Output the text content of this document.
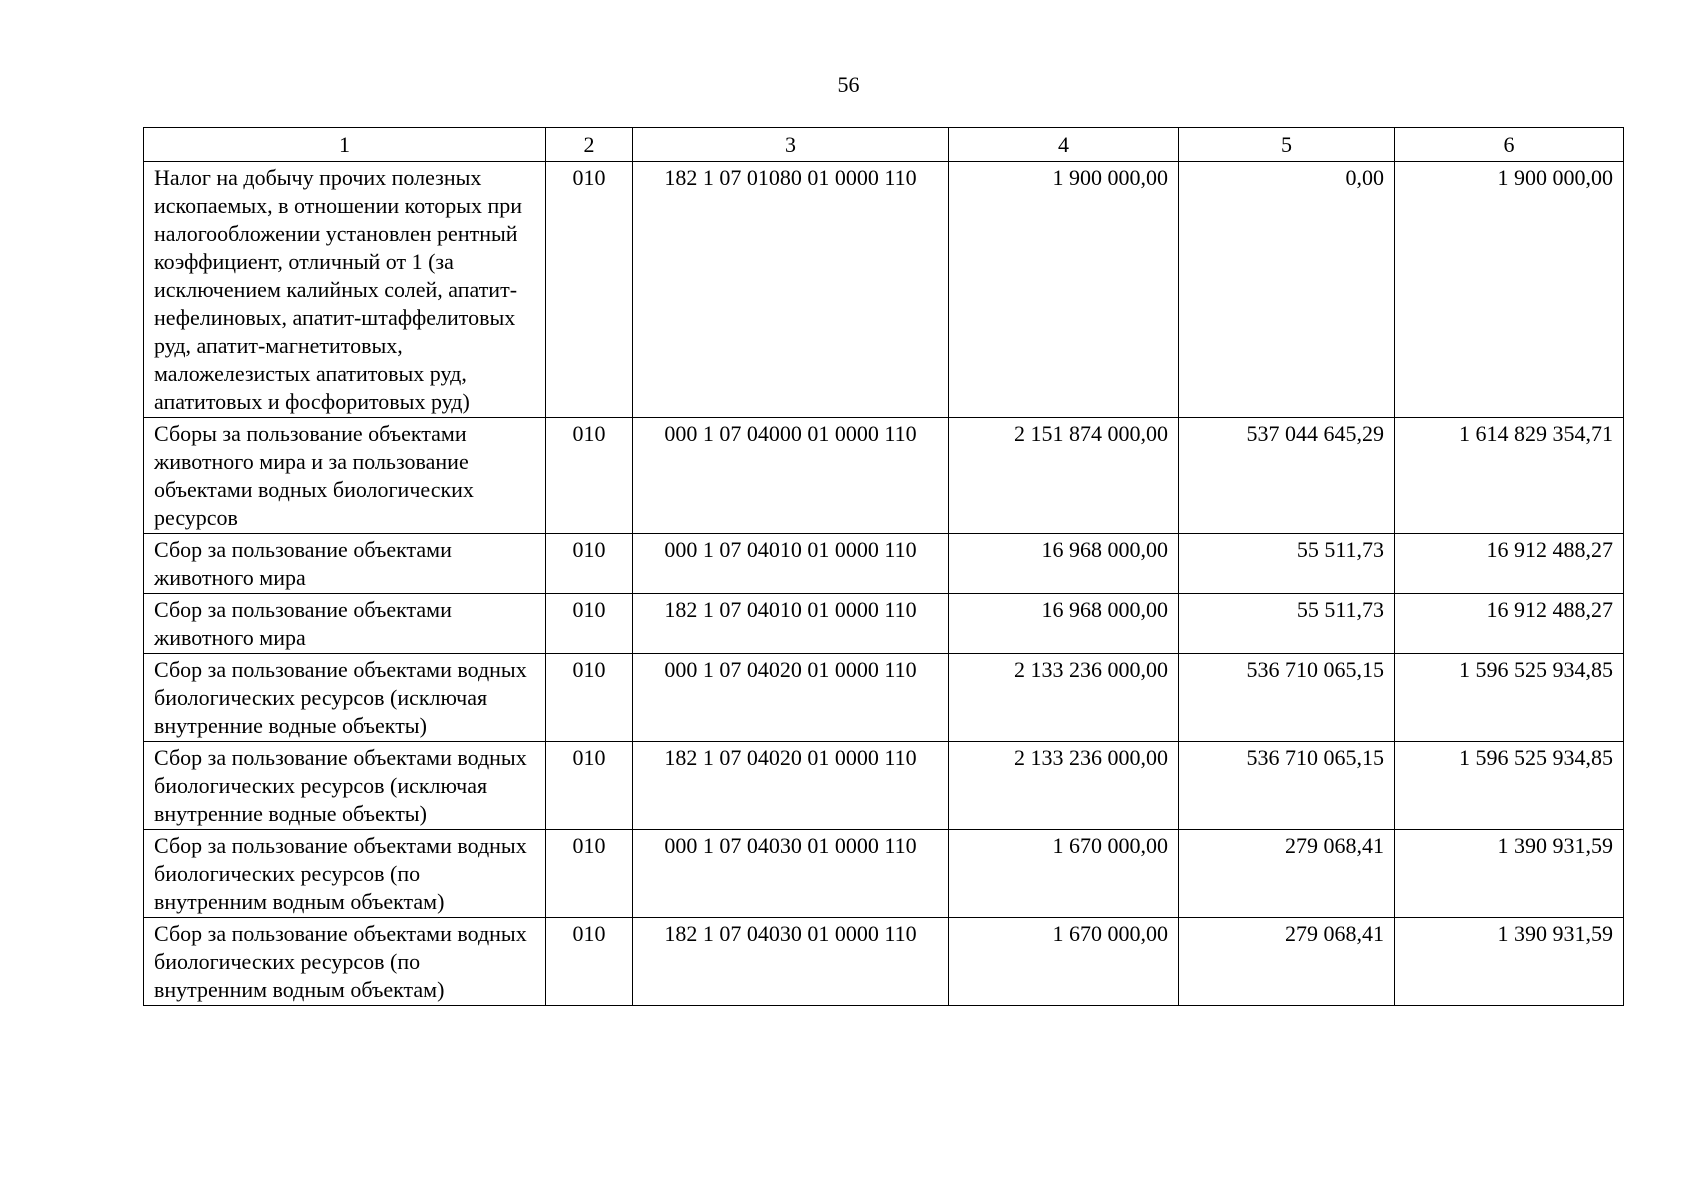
56
1	2	3	4	5	6
Налог на добычу прочих полезных ископаемых, в отношении которых при налогообложении установлен рентный коэффициент, отличный от 1 (за исключением калийных солей, апатит-нефелиновых, апатит-штаффелитовых руд, апатит-магнетитовых, маложелезистых апатитовых руд, апатитовых и фосфоритовых руд)	010	182 1 07 01080 01 0000 110	1 900 000,00	0,00	1 900 000,00
Сборы за пользование объектами животного мира и за пользование объектами водных биологических ресурсов	010	000 1 07 04000 01 0000 110	2 151 874 000,00	537 044 645,29	1 614 829 354,71
Сбор за пользование объектами животного мира	010	000 1 07 04010 01 0000 110	16 968 000,00	55 511,73	16 912 488,27
Сбор за пользование объектами животного мира	010	182 1 07 04010 01 0000 110	16 968 000,00	55 511,73	16 912 488,27
Сбор за пользование объектами водных биологических ресурсов (исключая внутренние водные объекты)	010	000 1 07 04020 01 0000 110	2 133 236 000,00	536 710 065,15	1 596 525 934,85
Сбор за пользование объектами водных биологических ресурсов (исключая внутренние водные объекты)	010	182 1 07 04020 01 0000 110	2 133 236 000,00	536 710 065,15	1 596 525 934,85
Сбор за пользование объектами водных биологических ресурсов (по внутренним водным объектам)	010	000 1 07 04030 01 0000 110	1 670 000,00	279 068,41	1 390 931,59
Сбор за пользование объектами водных биологических ресурсов (по внутренним водным объектам)	010	182 1 07 04030 01 0000 110	1 670 000,00	279 068,41	1 390 931,59
